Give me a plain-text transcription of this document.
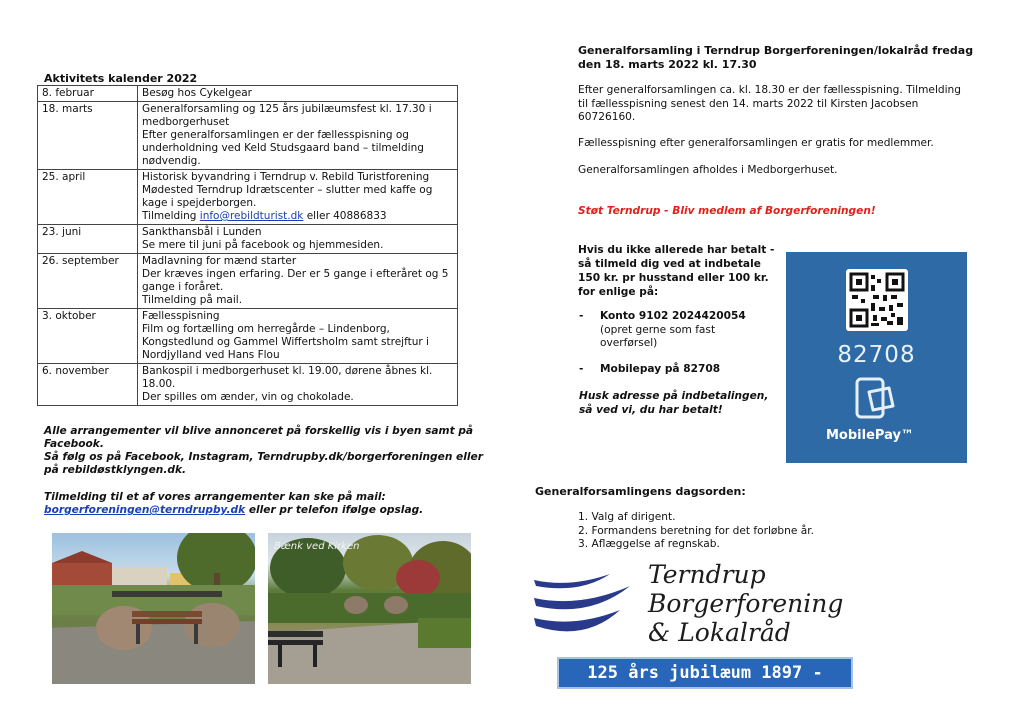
Aktivitets kalender 2022
8. februar	Besøg hos Cykelgear

18. marts	Generalforsamling og 125 års jubilæumsfest kl. 17.30 i medborgerhuset
Efter generalforsamlingen er der fællesspisning og underholdning ved Keld Studsgaard band – tilmelding nødvendig.

25. april	Historisk byvandring i Terndrup v. Rebild Turistforening
Mødested Terndrup Idrætscenter – slutter med kaffe og kage i spejderborgen.
Tilmelding info@rebildturist.dk eller 40886833

23. juni	Sankthansbål i Lunden
Se mere til juni på facebook og hjemmesiden.

26. september	Madlavning for mænd starter
Der kræves ingen erfaring. Der er 5 gange i efteråret og 5 gange i foråret.
Tilmelding på mail.

3. oktober	Fællesspisning
Film og fortælling om herregårde – Lindenborg, Kongstedlund og Gammel Wiffertsholm samt strejftur i Nordjylland ved Hans Flou

6. november	Bankospil i medborgerhuset kl. 19.00, dørene åbnes kl. 18.00.
Der spilles om ænder, vin og chokolade.

Alle arrangementer vil blive annonceret på forskellig vis i byen samt på Facebook.

Så følg os på Facebook, Instagram, Terndrupby.dk/borgerforeningen eller på rebildøstklyngen.dk.

Tilmelding til et af vores arrangementer kan ske på mail:
borgerforeningen@terndrupby.dk eller pr telefon ifølge opslag.
Bænk ved Kirken
Generalforsamling i Terndrup Borgerforeningen/lokalråd fredag den 18. marts 2022 kl. 17.30
Efter generalforsamlingen ca. kl. 18.30 er der fællesspisning. Tilmelding til fællesspisning senest den 14. marts 2022 til Kirsten Jacobsen 60726160.
Fællesspisning efter generalforsamlingen er gratis for medlemmer.
Generalforsamlingen afholdes i Medborgerhuset.
Støt Terndrup - Bliv medlem af Borgerforeningen!
Hvis du ikke allerede har betalt - så tilmeld dig ved at indbetale 150 kr. pr husstand eller 100 kr. for enlige på:
- Konto 9102 2024420054
(opret gerne som fast overførsel)
- Mobilepay på 82708
Husk adresse på indbetalingen, så ved vi, du har betalt!
82708
MobilePay™
Generalforsamlingens dagsorden:
1. Valg af dirigent.
2. Formandens beretning for det forløbne år.
3. Aflæggelse af regnskab.
Terndrup
Borgerforening
& Lokalråd
125 års jubilæum 1897 -
